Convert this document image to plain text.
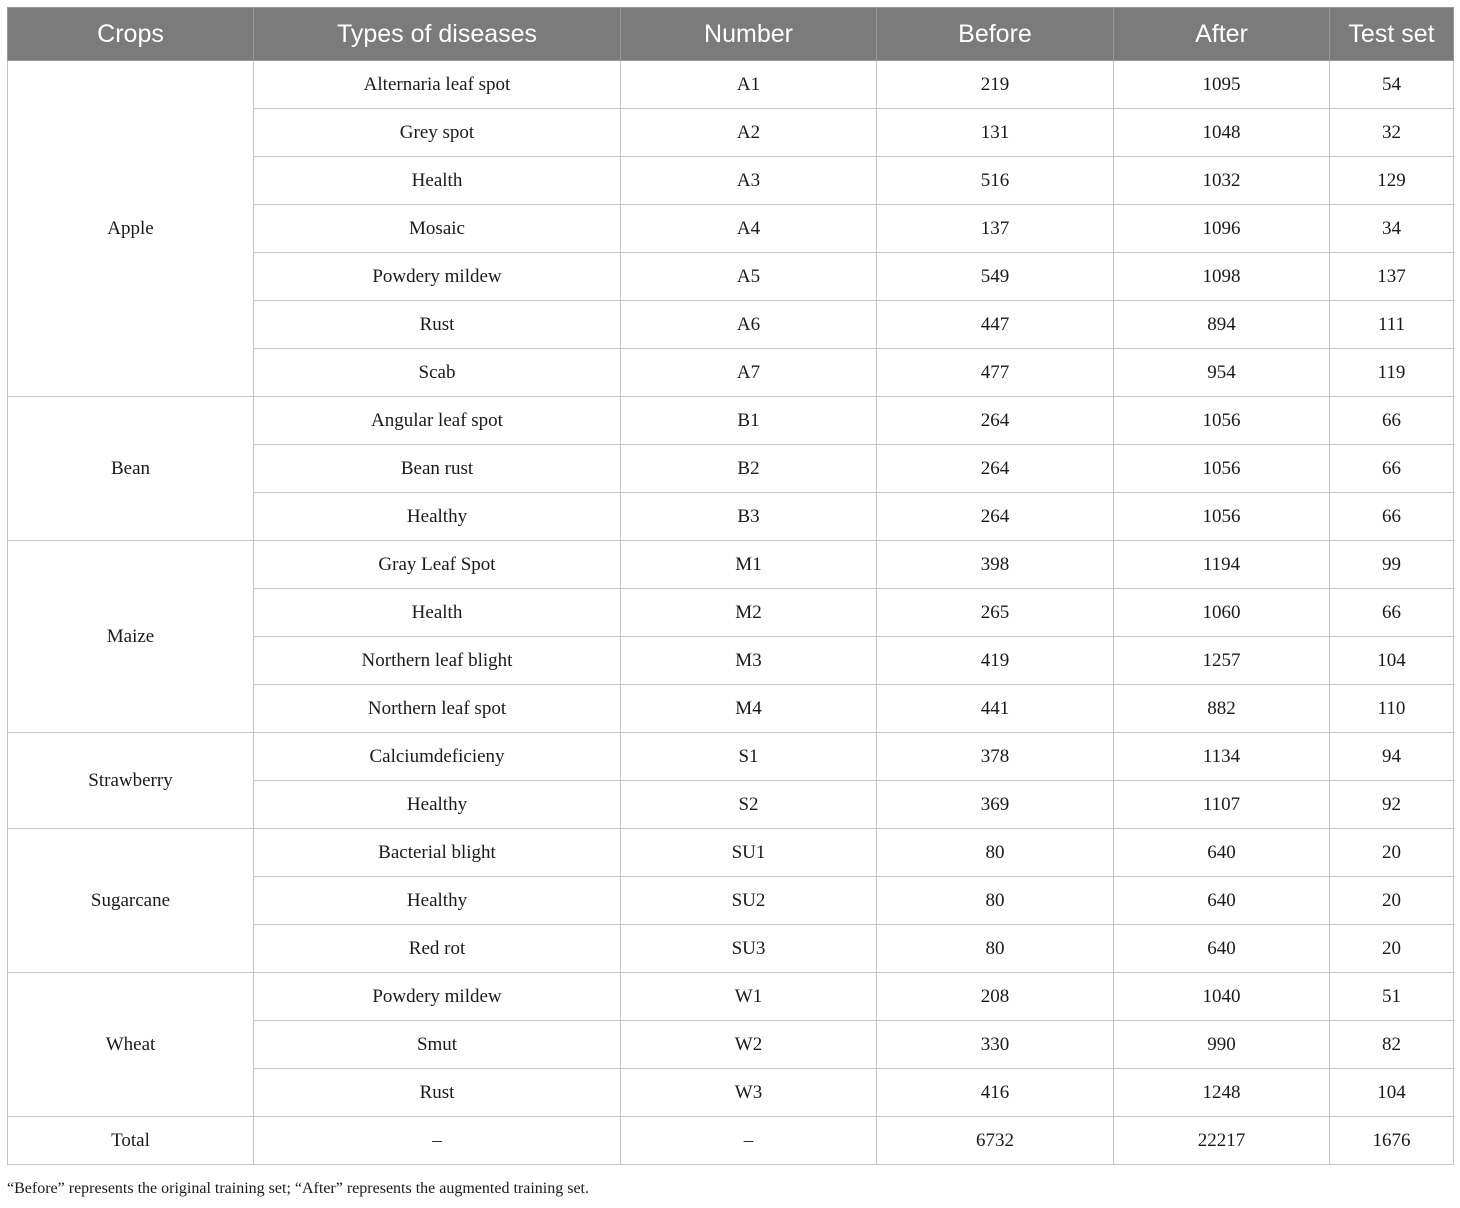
Crops	Types of diseases	Number	Before	After	Test set
Apple	Alternaria leaf spot	A1	219	1095	54
	Grey spot	A2	131	1048	32
	Health	A3	516	1032	129
	Mosaic	A4	137	1096	34
	Powdery mildew	A5	549	1098	137
	Rust	A6	447	894	111
	Scab	A7	477	954	119
Bean	Angular leaf spot	B1	264	1056	66
	Bean rust	B2	264	1056	66
	Healthy	B3	264	1056	66
Maize	Gray Leaf Spot	M1	398	1194	99
	Health	M2	265	1060	66
	Northern leaf blight	M3	419	1257	104
	Northern leaf spot	M4	441	882	110
Strawberry	Calciumdeficieny	S1	378	1134	94
	Healthy	S2	369	1107	92
Sugarcane	Bacterial blight	SU1	80	640	20
	Healthy	SU2	80	640	20
	Red rot	SU3	80	640	20
Wheat	Powdery mildew	W1	208	1040	51
	Smut	W2	330	990	82
	Rust	W3	416	1248	104
Total	–	–	6732	22217	1676
“Before” represents the original training set; “After” represents the augmented training set.
